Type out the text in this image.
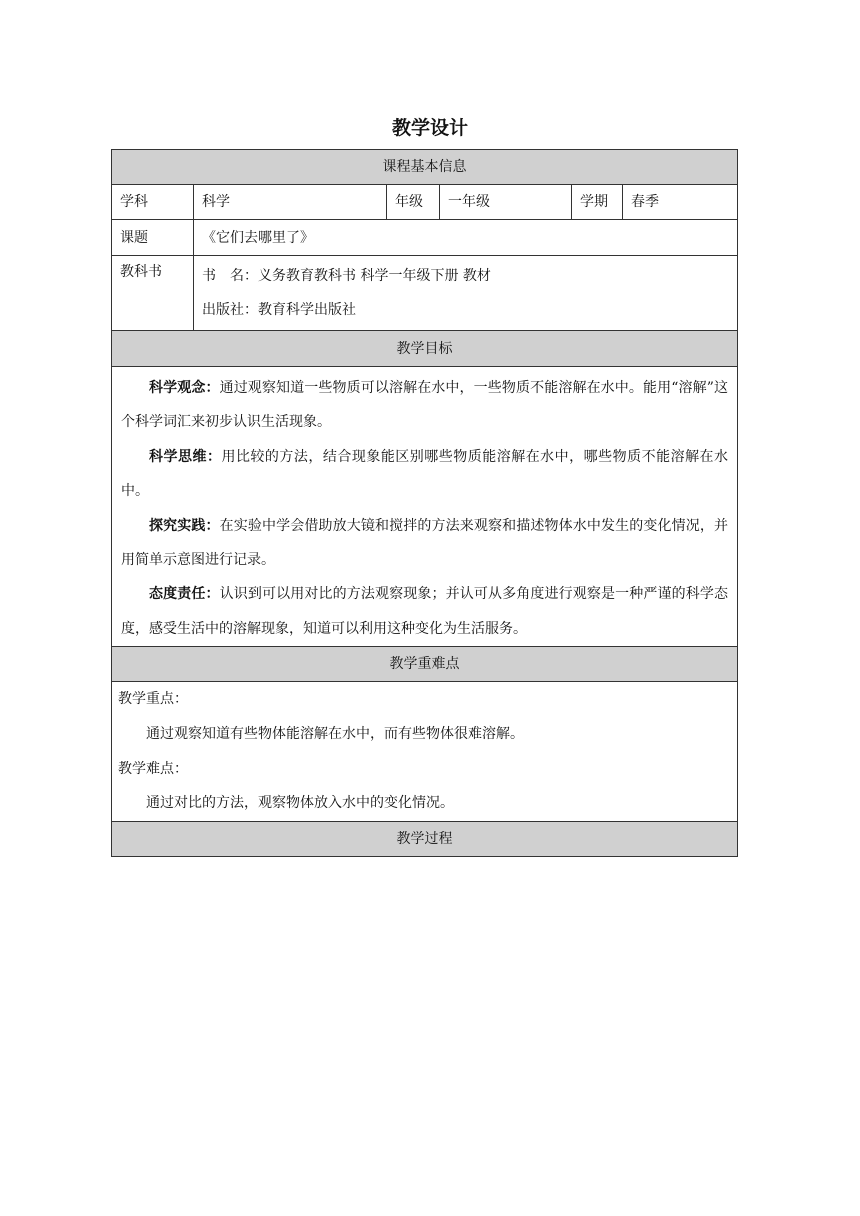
教学设计
课程基本信息					
学科	科学	年级	一年级	学期	春季
课题	《它们去哪里了》				
教科书	书　名：义务教育教科书 科学一年级下册 教材
出版社：教育科学出版社				

教学目标					

科学观念：通过观察知道一些物质可以溶解在水中，一些物质不能溶解在水中。能用“溶解”这个科学词汇来初步认识生活现象。

科学思维：用比较的方法，结合现象能区别哪些物质能溶解在水中，哪些物质不能溶解在水中。

探究实践：在实验中学会借助放大镜和搅拌的方法来观察和描述物体水中发生的变化情况，并用简单示意图进行记录。

态度责任：认识到可以用对比的方法观察现象；并认可从多角度进行观察是一种严谨的科学态度，感受生活中的溶解现象，知道可以利用这种变化为生活服务。					

教学重难点					

教学重点：
通过观察知道有些物体能溶解在水中，而有些物体很难溶解。
教学难点：
通过对比的方法，观察物体放入水中的变化情况。					

教学过程					
